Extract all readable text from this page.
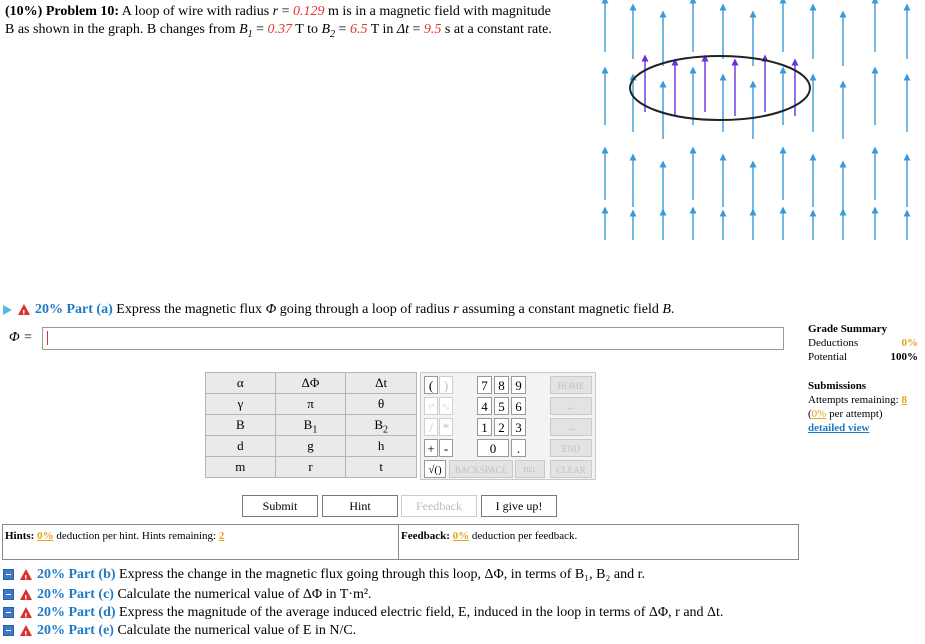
(10%) Problem 10: A loop of wire with radius r = 0.129 m is in a magnetic field with magnitude
B as shown in the graph. B changes from $B_1 = 0.37$ T to $B_2 = 6.5$ T in Δt = 9.5 s at a constant rate.
!20% Part (a) Express the magnetic flux Φ going through a loop of radius r assuming a constant magnetic field B.
Φ =
Grade Summary
Deductions	0%
Potential	100%
Submissions
Attempts remaining: 8
(0% per attempt)
detailed view
α	ΔΦ	Δt
γ	π	θ
B	$B_1$	$B_2$
d	g	h
m	r	t
( )	7 8 9	HOME
↑^ ^↓	4 5 6	←
/ *	1 2 3	→
+ -	0	.	END
√()	BACKSPACE	DEL	CLEAR
Submit	Hint	Feedback	I give up!
Hints: 0% deduction per hint. Hints remaining: 2	Feedback: 0% deduction per feedback.
!20% Part (b) Express the change in the magnetic flux going through this loop, ΔΦ, in terms of B₁, B₂ and r.
!20% Part (c) Calculate the numerical value of ΔΦ in T·m².
!20% Part (d) Express the magnitude of the average induced electric field, E, induced in the loop in terms of ΔΦ, r and Δt.
!20% Part (e) Calculate the numerical value of E in N/C.
